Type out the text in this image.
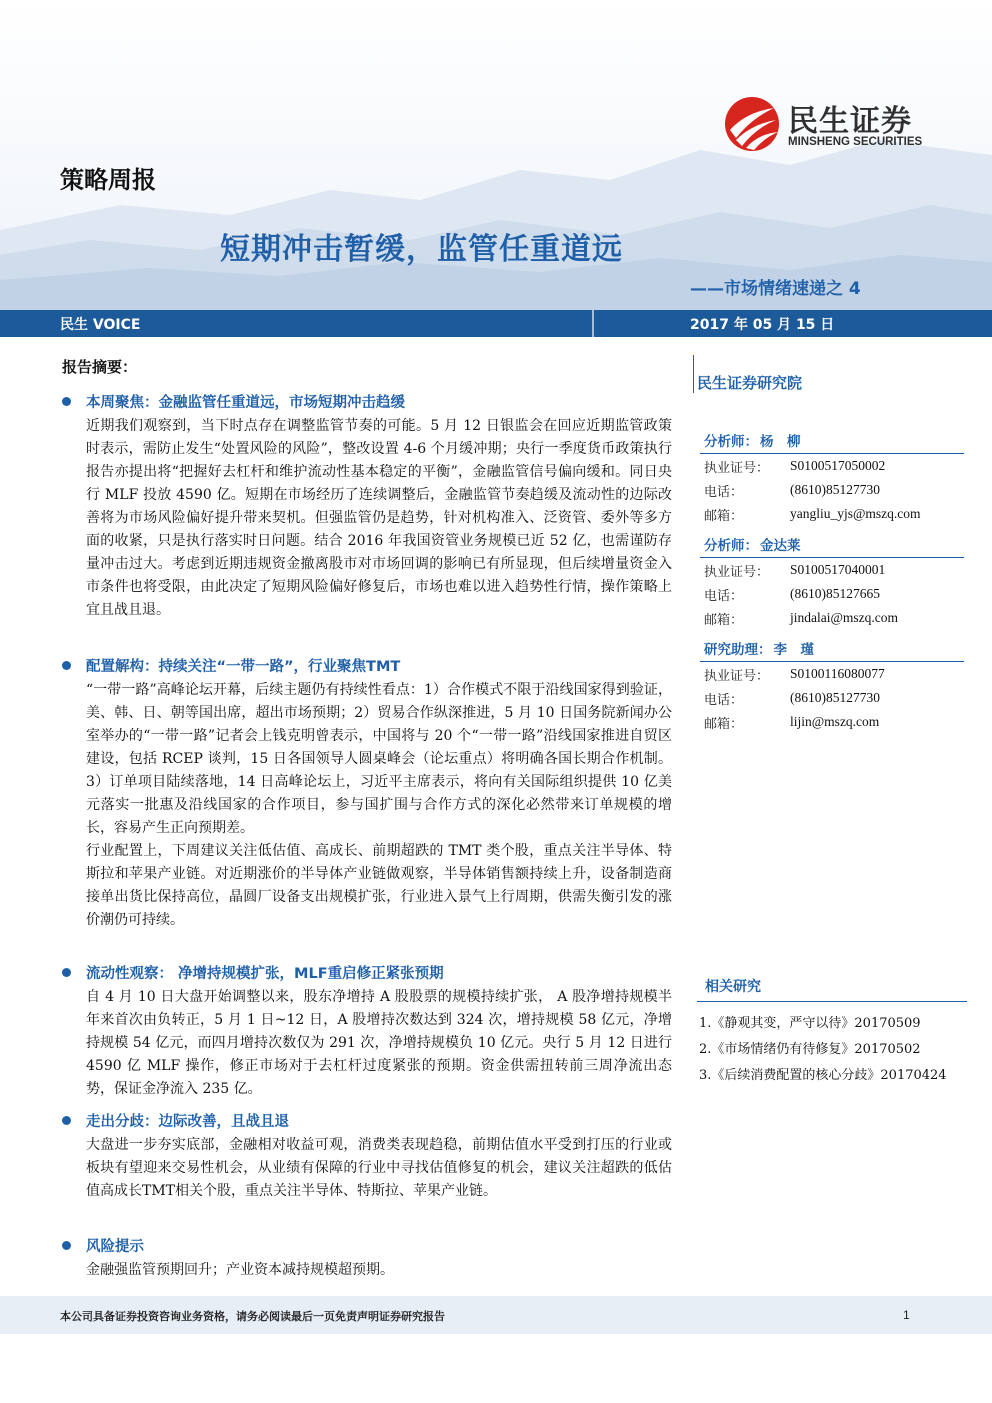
民生证券
MINSHENG SECURITIES
策略周报
短期冲击暂缓，监管任重道远
——市场情绪速递之 4
民生 VOICE	2017 年 05 月 15 日
报告摘要：
本周聚焦：金融监管任重道远，市场短期冲击趋缓
近期我们观察到，当下时点存在调整监管节奏的可能。5 月 12 日银监会在回应近期监管政策时表示，需防止发生“处置风险的风险”，整改设置 4-6 个月缓冲期；央行一季度货币政策执行报告亦提出将“把握好去杠杆和维护流动性基本稳定的平衡”，金融监管信号偏向缓和。同日央行 MLF 投放 4590 亿。短期在市场经历了连续调整后，金融监管节奏趋缓及流动性的边际改善将为市场风险偏好提升带来契机。但强监管仍是趋势，针对机构准入、泛资管、委外等多方面的收紧，只是执行落实时日问题。结合 2016 年我国资管业务规模已近 52 亿，也需谨防存量冲击过大。考虑到近期违规资金撤离股市对市场回调的影响已有所显现，但后续增量资金入市条件也将受限，由此决定了短期风险偏好修复后，市场也难以进入趋势性行情，操作策略上宜且战且退。
配置解构：持续关注“一带一路”，行业聚焦TMT
“一带一路”高峰论坛开幕，后续主题仍有持续性看点：1）合作模式不限于沿线国家得到验证，美、韩、日、朝等国出席，超出市场预期；2）贸易合作纵深推进，5 月 10 日国务院新闻办公室举办的“一带一路”记者会上钱克明曾表示，中国将与 20 个“一带一路”沿线国家推进自贸区建设，包括 RCEP 谈判，15 日各国领导人圆桌峰会（论坛重点）将明确各国长期合作机制。3）订单项目陆续落地，14 日高峰论坛上，习近平主席表示，将向有关国际组织提供 10 亿美元落实一批惠及沿线国家的合作项目，参与国扩围与合作方式的深化必然带来订单规模的增长，容易产生正向预期差。
行业配置上，下周建议关注低估值、高成长、前期超跌的 TMT 类个股，重点关注半导体、特斯拉和苹果产业链。对近期涨价的半导体产业链做观察，半导体销售额持续上升，设备制造商接单出货比保持高位，晶圆厂设备支出规模扩张，行业进入景气上行周期，供需失衡引发的涨价潮仍可持续。
流动性观察： 净增持规模扩张，MLF重启修正紧张预期
自 4 月 10 日大盘开始调整以来，股东净增持 A 股股票的规模持续扩张， A 股净增持规模半年来首次由负转正，5 月 1 日~12 日，A 股增持次数达到 324 次，增持规模 58 亿元，净增持规模 54 亿元，而四月增持次数仅为 291 次，净增持规模负 10 亿元。央行 5 月 12 日进行 4590 亿 MLF 操作，修正市场对于去杠杆过度紧张的预期。资金供需扭转前三周净流出态势，保证金净流入 235 亿。
走出分歧：边际改善，且战且退
大盘进一步夯实底部，金融相对收益可观，消费类表现趋稳，前期估值水平受到打压的行业或板块有望迎来交易性机会，从业绩有保障的行业中寻找估值修复的机会，建议关注超跌的低估值高成长TMT相关个股，重点关注半导体、特斯拉、苹果产业链。
风险提示
金融强监管预期回升；产业资本减持规模超预期。
民生证券研究院
分析师： 杨　柳
执业证号：	S0100517050002
电话：	(8610)85127730
邮箱：	yangliu_yjs@mszq.com
分析师： 金达莱
执业证号：	S0100517040001
电话：	(8610)85127665
邮箱：	jindalai@mszq.com
研究助理： 李　瑾
执业证号：	S0100116080077
电话：	(8610)85127730
邮箱：	lijin@mszq.com
相关研究
1.《静观其变，严守以待》20170509
2.《市场情绪仍有待修复》20170502
3.《后续消费配置的核心分歧》20170424
本公司具备证券投资咨询业务资格，请务必阅读最后一页免责声明证券研究报告	1
